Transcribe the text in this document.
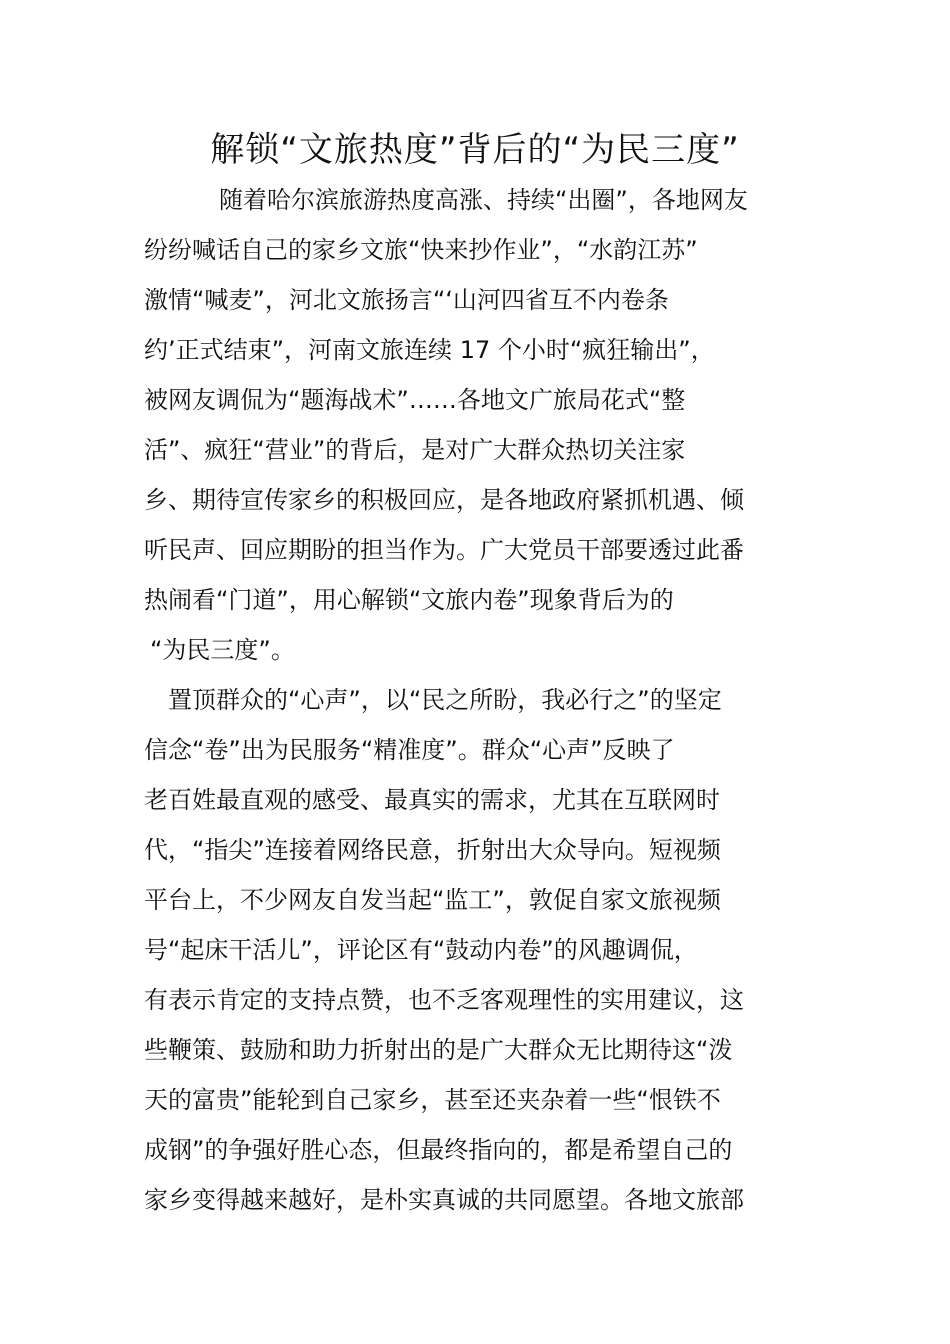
解锁“文旅热度”背后的“为民三度”
随着哈尔滨旅游热度高涨、持续“出圈”，各地网友
纷纷喊话自己的家乡文旅“快来抄作业”，“水韵江苏”
激情“喊麦”，河北文旅扬言“‘山河四省互不内卷条
约’正式结束”，河南文旅连续 17 个小时“疯狂输出”，
被网友调侃为“题海战术”……各地文广旅局花式“整
活”、疯狂“营业”的背后，是对广大群众热切关注家
乡、期待宣传家乡的积极回应，是各地政府紧抓机遇、倾
听民声、回应期盼的担当作为。广大党员干部要透过此番
热闹看“门道”，用心解锁“文旅内卷”现象背后为的
“为民三度”。
置顶群众的“心声”，以“民之所盼，我必行之”的坚定
信念“卷”出为民服务“精准度”。群众“心声”反映了
老百姓最直观的感受、最真实的需求，尤其在互联网时
代，“指尖”连接着网络民意，折射出大众导向。短视频
平台上，不少网友自发当起“监工”，敦促自家文旅视频
号“起床干活儿”，评论区有“鼓动内卷”的风趣调侃，
有表示肯定的支持点赞，也不乏客观理性的实用建议，这
些鞭策、鼓励和助力折射出的是广大群众无比期待这“泼
天的富贵”能轮到自己家乡，甚至还夹杂着一些“恨铁不
成钢”的争强好胜心态，但最终指向的，都是希望自己的
家乡变得越来越好，是朴实真诚的共同愿望。各地文旅部
